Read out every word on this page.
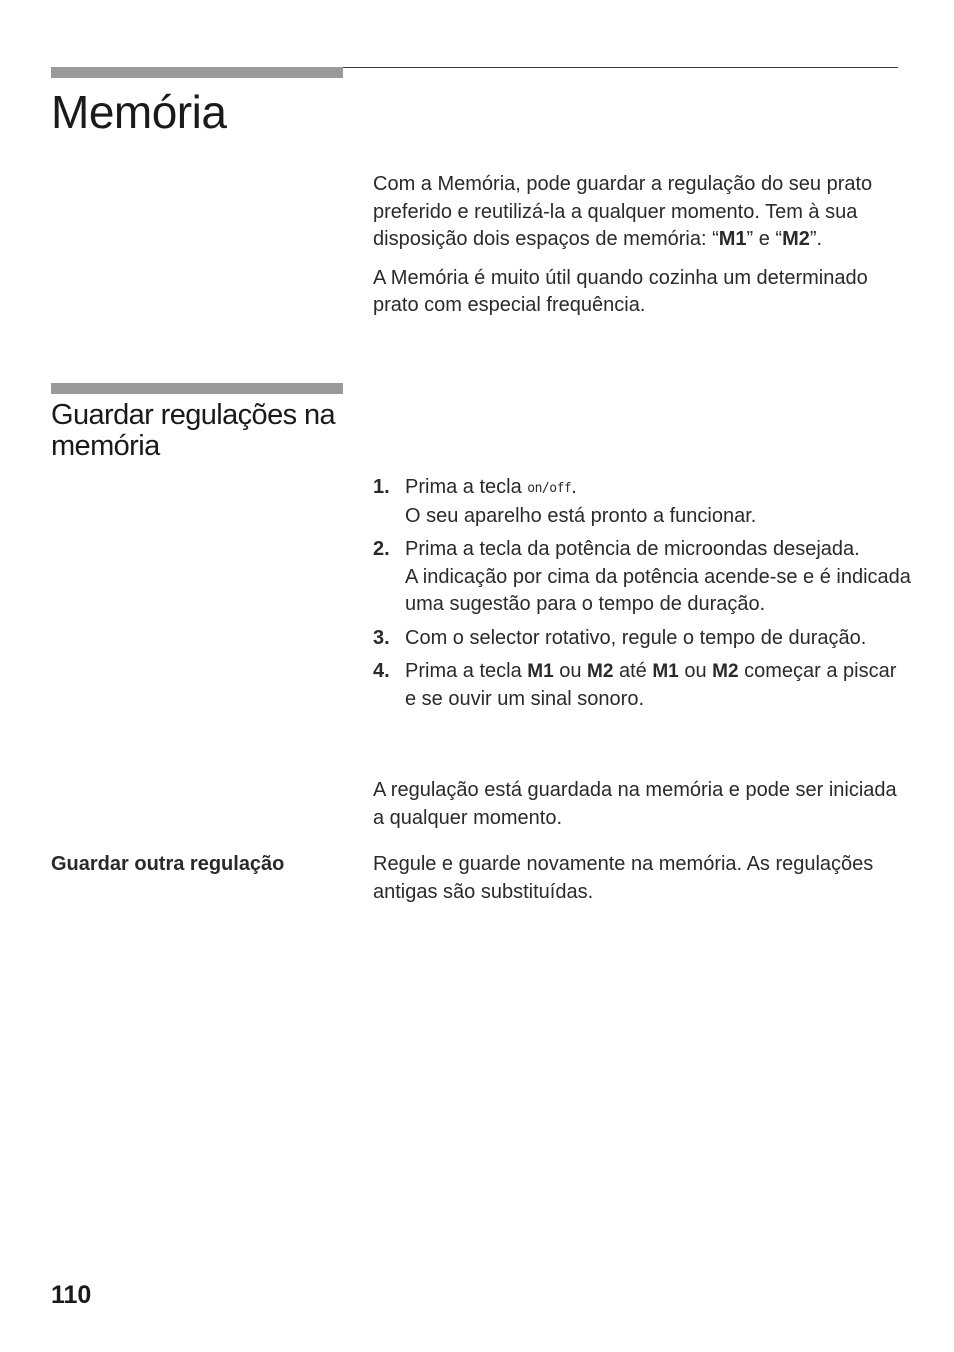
Memória

Com a Memória, pode guardar a regulação do seu prato preferido e reutilizá-la a qualquer momento. Tem à sua disposição dois espaços de memória: “M1” e “M2”.

A Memória é muito útil quando cozinha um determinado prato com especial frequência.

Guardar regulações na memória
1 . Prima a tecla on/off.
O seu aparelho está pronto a funcionar.
2 . Prima a tecla da potência de microondas desejada.
A indicação por cima da potência acende-se e é indicada uma sugestão para o tempo de duração.
3 . Com o selector rotativo, regule o tempo de duração.
4 . Prima a tecla M1 ou M2 até M1 ou M2 começar a piscar e se ouvir um sinal sonoro.

A regulação está guardada na memória e pode ser iniciada a qualquer momento.

Guardar outra regulação	Regule e guarde novamente na memória. As regulações antigas são substituídas.

110
